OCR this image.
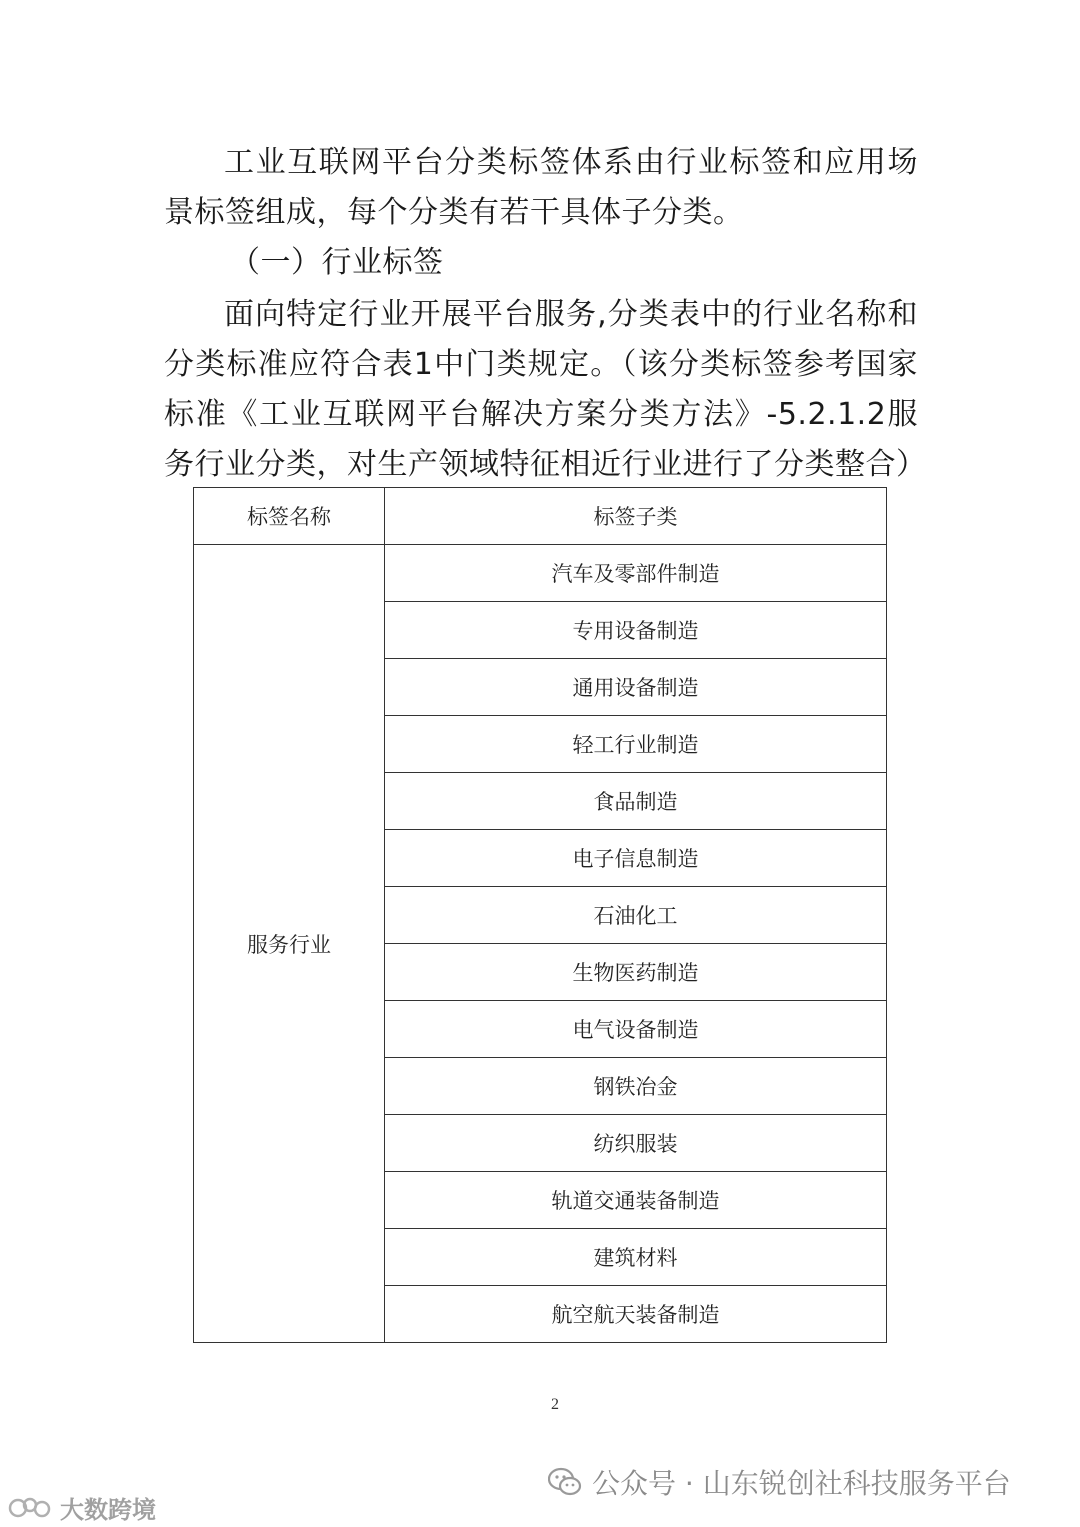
工业互联网平台分类标签体系由行业标签和应用场景标签组成，每个分类有若干具体子分类。

（一）行业标签

面向特定行业开展平台服务,分类表中的行业名称和分类标准应符合表1中门类规定。（该分类标签参考国家标准《工业互联网平台解决方案分类方法》-5.2.1.2服务行业分类，对生产领域特征相近行业进行了分类整合）

标签名称	标签子类
服务行业	汽车及零部件制造
	专用设备制造
	通用设备制造
	轻工行业制造
	食品制造
	电子信息制造
	石油化工
	生物医药制造
	电气设备制造
	钢铁冶金
	纺织服装
	轨道交通装备制造
	建筑材料
	航空航天装备制造
2
公众号 · 山东锐创社科技服务平台
大数跨境
